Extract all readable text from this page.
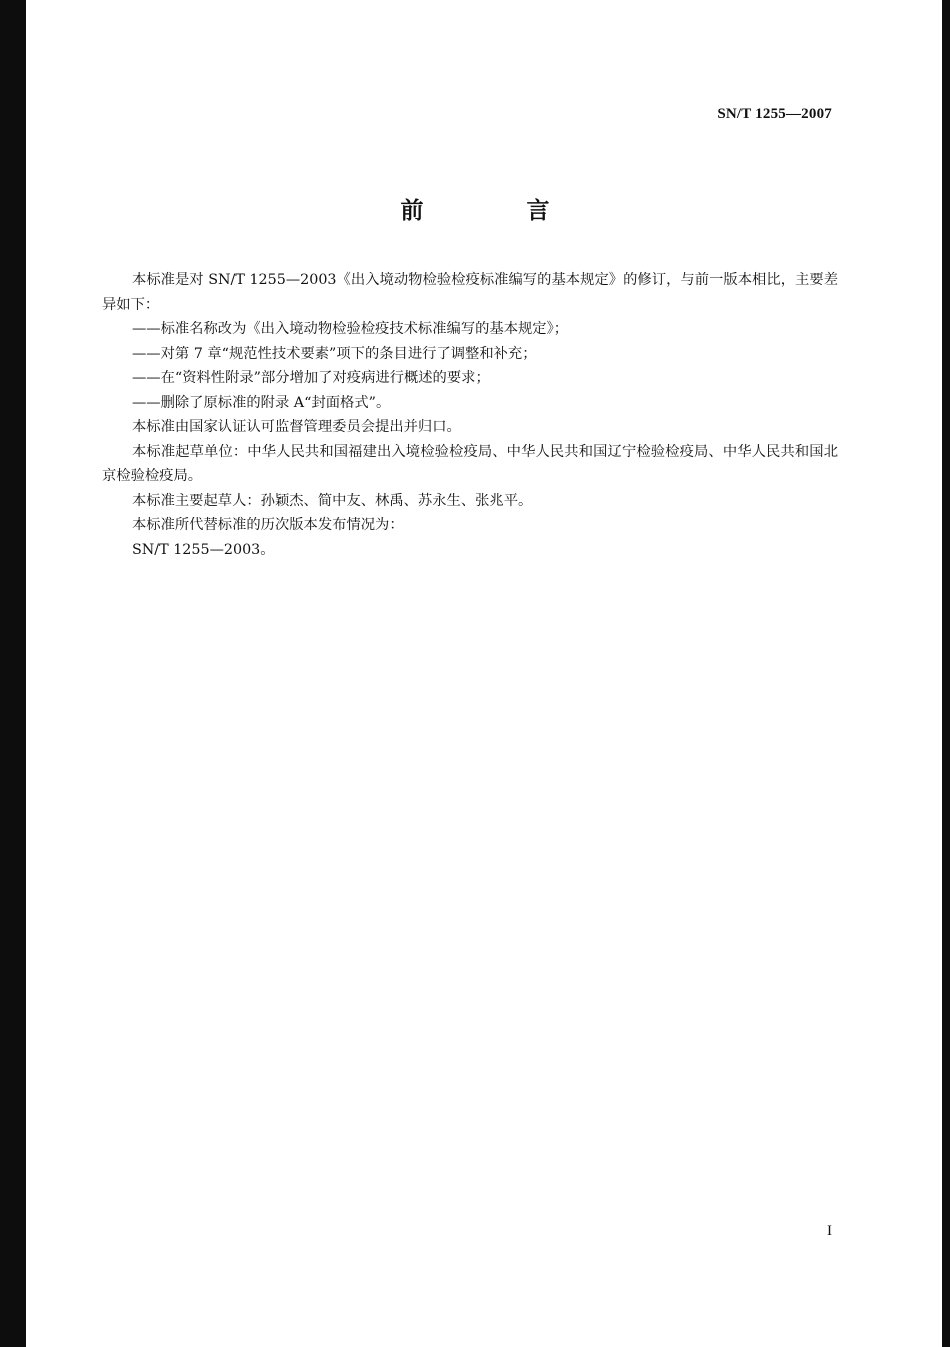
SN/T 1255—2007
前　言

本标准是对 SN/T 1255—2003《出入境动物检验检疫标准编写的基本规定》的修订，与前一版本相比，主要差异如下：

——标准名称改为《出入境动物检验检疫技术标准编写的基本规定》；

——对第 7 章“规范性技术要素”项下的条目进行了调整和补充；

——在“资料性附录”部分增加了对疫病进行概述的要求；

——删除了原标准的附录 A“封面格式”。

本标准由国家认证认可监督管理委员会提出并归口。

本标准起草单位：中华人民共和国福建出入境检验检疫局、中华人民共和国辽宁检验检疫局、中华人民共和国北京检验检疫局。

本标准主要起草人：孙颖杰、简中友、林禹、苏永生、张兆平。

本标准所代替标准的历次版本发布情况为：

SN/T 1255—2003。

I
